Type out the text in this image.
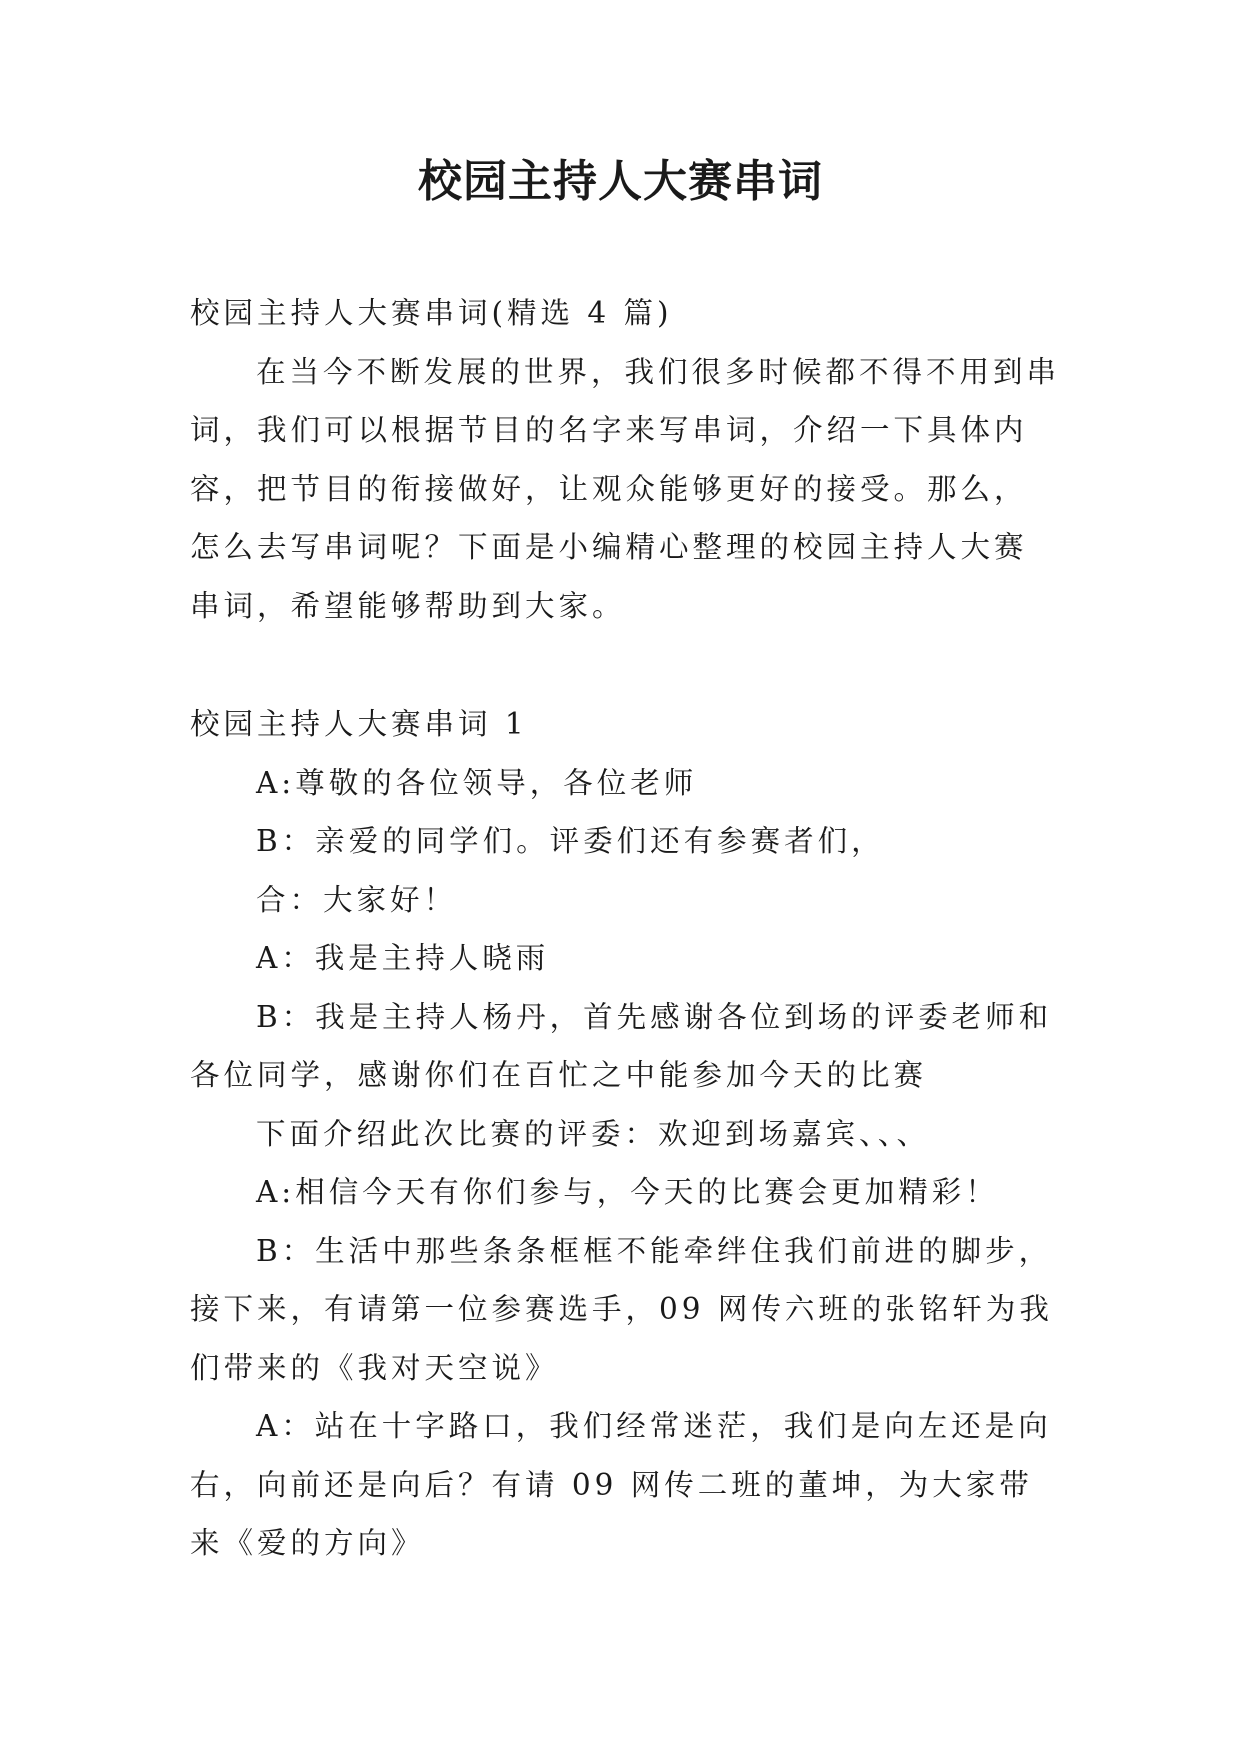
校园主持人大赛串词

校园主持人大赛串词(精选 4 篇)

在当今不断发展的世界，我们很多时候都不得不用到串词，我们可以根据节目的名字来写串词，介绍一下具体内容，把节目的衔接做好，让观众能够更好的接受。那么，怎么去写串词呢？下面是小编精心整理的校园主持人大赛串词，希望能够帮助到大家。

校园主持人大赛串词 1

A:尊敬的各位领导，各位老师

B：亲爱的同学们。评委们还有参赛者们，

合：大家好！

A：我是主持人晓雨

B：我是主持人杨丹，首先感谢各位到场的评委老师和各位同学，感谢你们在百忙之中能参加今天的比赛

下面介绍此次比赛的评委：欢迎到场嘉宾、、、

A:相信今天有你们参与，今天的比赛会更加精彩！

B：生活中那些条条框框不能牵绊住我们前进的脚步，接下来，有请第一位参赛选手，09 网传六班的张铭轩为我们带来的《我对天空说》

A：站在十字路口，我们经常迷茫，我们是向左还是向右，向前还是向后？有请 09 网传二班的董坤，为大家带来《爱的方向》
